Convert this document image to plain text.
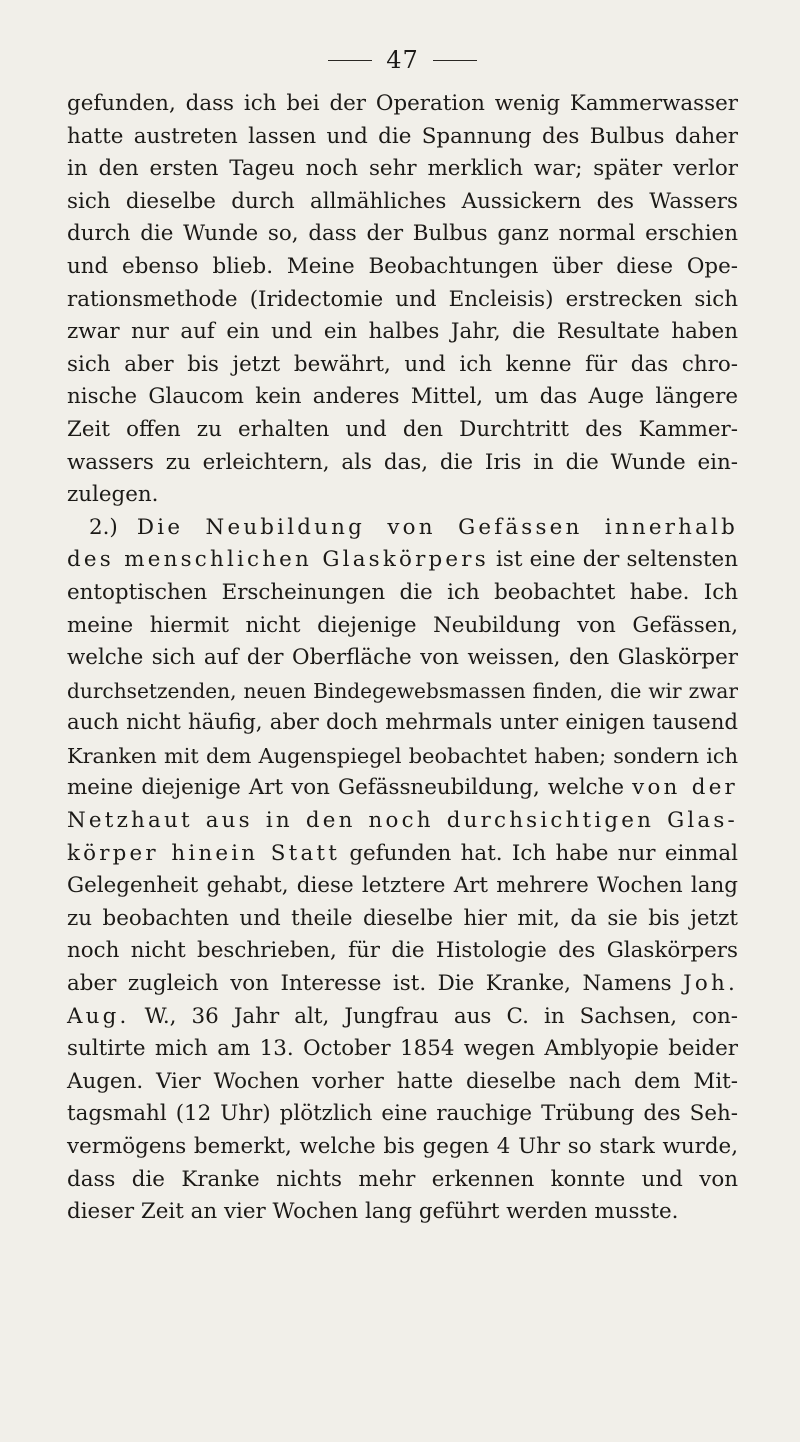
47
gefunden, dass ich bei der Operation wenig Kammerwasser
hatte austreten lassen und die Spannung des Bulbus daher
in den ersten Tageu noch sehr merklich war; später verlor
sich dieselbe durch allmähliches Aussickern des Wassers
durch die Wunde so, dass der Bulbus ganz normal erschien
und ebenso blieb. Meine Beobachtungen über diese Ope-
rationsmethode (Iridectomie und Encleisis) erstrecken sich
zwar nur auf ein und ein halbes Jahr, die Resultate haben
sich aber bis jetzt bewährt, und ich kenne für das chro-
nische Glaucom kein anderes Mittel, um das Auge längere
Zeit offen zu erhalten und den Durchtritt des Kammer-
wassers zu erleichtern, als das, die Iris in die Wunde ein-
zulegen.
2.) Die Neubildung von Gefässen innerhalb
des menschlichen Glaskörpers ist eine der seltensten
entoptischen Erscheinungen die ich beobachtet habe. Ich
meine hiermit nicht diejenige Neubildung von Gefässen,
welche sich auf der Oberfläche von weissen, den Glaskörper
durchsetzenden, neuen Bindegewebsmassen finden, die wir zwar
auch nicht häufig, aber doch mehrmals unter einigen tausend
Kranken mit dem Augenspiegel beobachtet haben; sondern ich
meine diejenige Art von Gefässneubildung, welche von der
Netzhaut aus in den noch durchsichtigen Glas-
körper hinein Statt gefunden hat. Ich habe nur einmal
Gelegenheit gehabt, diese letztere Art mehrere Wochen lang
zu beobachten und theile dieselbe hier mit, da sie bis jetzt
noch nicht beschrieben, für die Histologie des Glaskörpers
aber zugleich von Interesse ist. Die Kranke, Namens Joh.
Aug. W., 36 Jahr alt, Jungfrau aus C. in Sachsen, con-
sultirte mich am 13. October 1854 wegen Amblyopie beider
Augen. Vier Wochen vorher hatte dieselbe nach dem Mit-
tagsmahl (12 Uhr) plötzlich eine rauchige Trübung des Seh-
vermögens bemerkt, welche bis gegen 4 Uhr so stark wurde,
dass die Kranke nichts mehr erkennen konnte und von
dieser Zeit an vier Wochen lang geführt werden musste.
